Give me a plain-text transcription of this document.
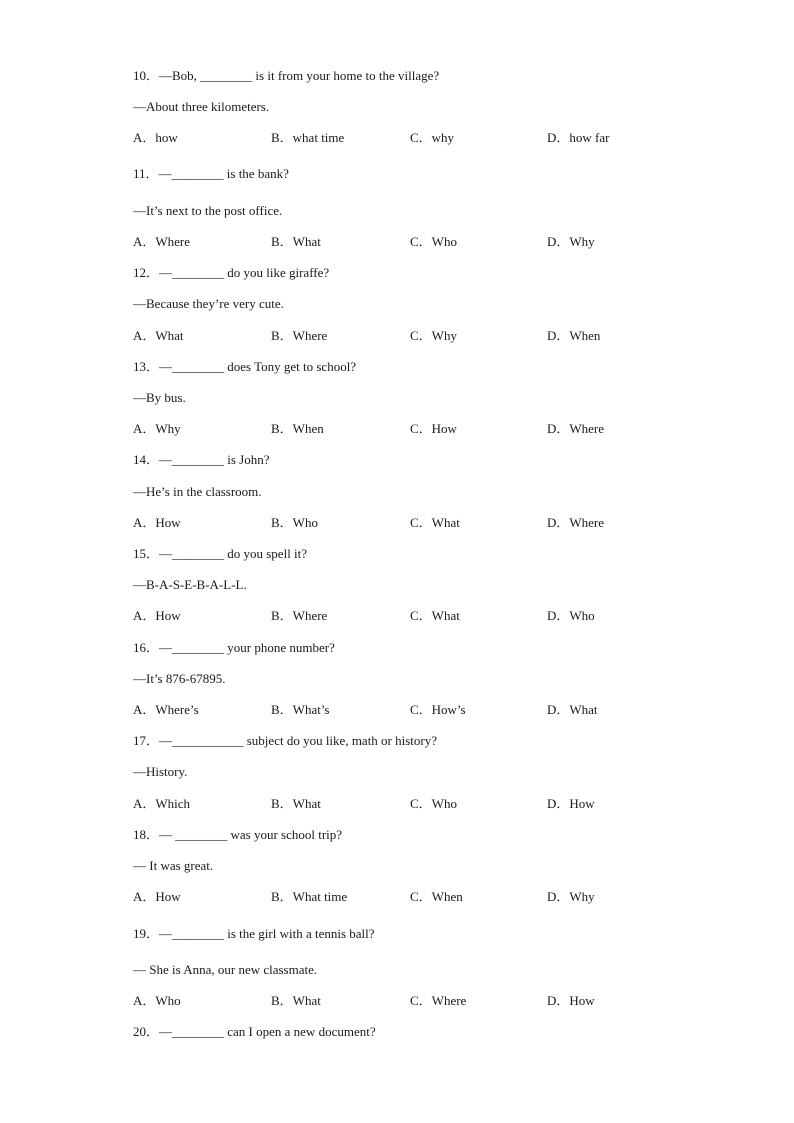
10．—Bob, ________ is it from your home to the village?
—About three kilometers.
A．how	B．what time	C．why	D．how far
11．—________ is the bank?
—It’s next to the post office.
A．Where	B．What	C．Who	D．Why
12．—________ do you like giraffe?
—Because they’re very cute.
A．What	B．Where	C．Why	D．When
13．—________ does Tony get to school?
—By bus.
A．Why	B．When	C．How	D．Where
14．—________ is John?
—He’s in the classroom.
A．How	B．Who	C．What	D．Where
15．—________ do you spell it?
—B-A-S-E-B-A-L-L.
A．How	B．Where	C．What	D．Who
16．—________ your phone number?
—It’s 876-67895.
A．Where’s	B．What’s	C．How’s	D．What
17．—___________ subject do you like, math or history?
—History.
A．Which	B．What	C．Who	D．How
18．— ________ was your school trip?
— It was great.
A．How	B．What time	C．When	D．Why
19．—________ is the girl with a tennis ball?
— She is Anna, our new classmate.
A．Who	B．What	C．Where	D．How
20．—________ can I open a new document?
